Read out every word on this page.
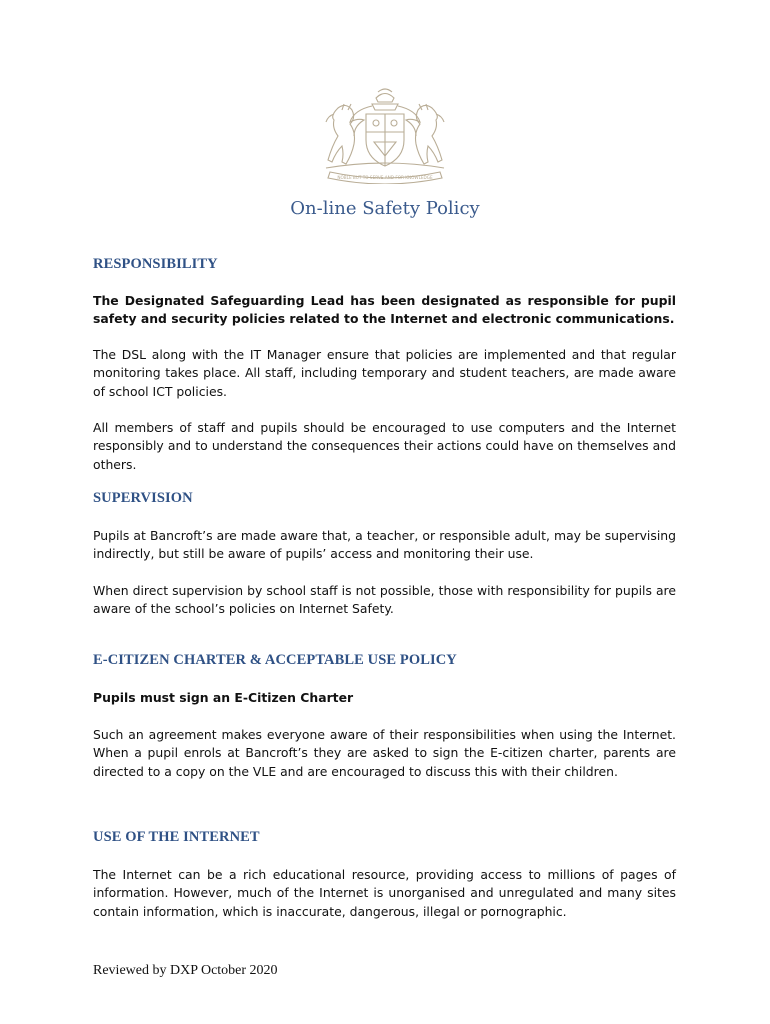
NOBLE BUT TO SERVE AND FOR KNOWLEDGE
On-line Safety Policy
RESPONSIBILITY

The Designated Safeguarding Lead has been designated as responsible for pupil safety and security policies related to the Internet and electronic communications.

The DSL along with the IT Manager ensure that policies are implemented and that regular monitoring takes place. All staff, including temporary and student teachers, are made aware of school ICT policies.

All members of staff and pupils should be encouraged to use computers and the Internet responsibly and to understand the consequences their actions could have on themselves and others.

SUPERVISION

Pupils at Bancroft’s are made aware that, a teacher, or responsible adult, may be supervising indirectly, but still be aware of pupils’ access and monitoring their use.

When direct supervision by school staff is not possible, those with responsibility for pupils are aware of the school’s policies on Internet Safety.

E-CITIZEN CHARTER & ACCEPTABLE USE POLICY

Pupils must sign an E-Citizen Charter

Such an agreement makes everyone aware of their responsibilities when using the Internet. When a pupil enrols at Bancroft’s they are asked to sign the E-citizen charter, parents are directed to a copy on the VLE and are encouraged to discuss this with their children.

USE OF THE INTERNET

The Internet can be a rich educational resource, providing access to millions of pages of information. However, much of the Internet is unorganised and unregulated and many sites contain information, which is inaccurate, dangerous, illegal or pornographic.

Reviewed by DXP October 2020
